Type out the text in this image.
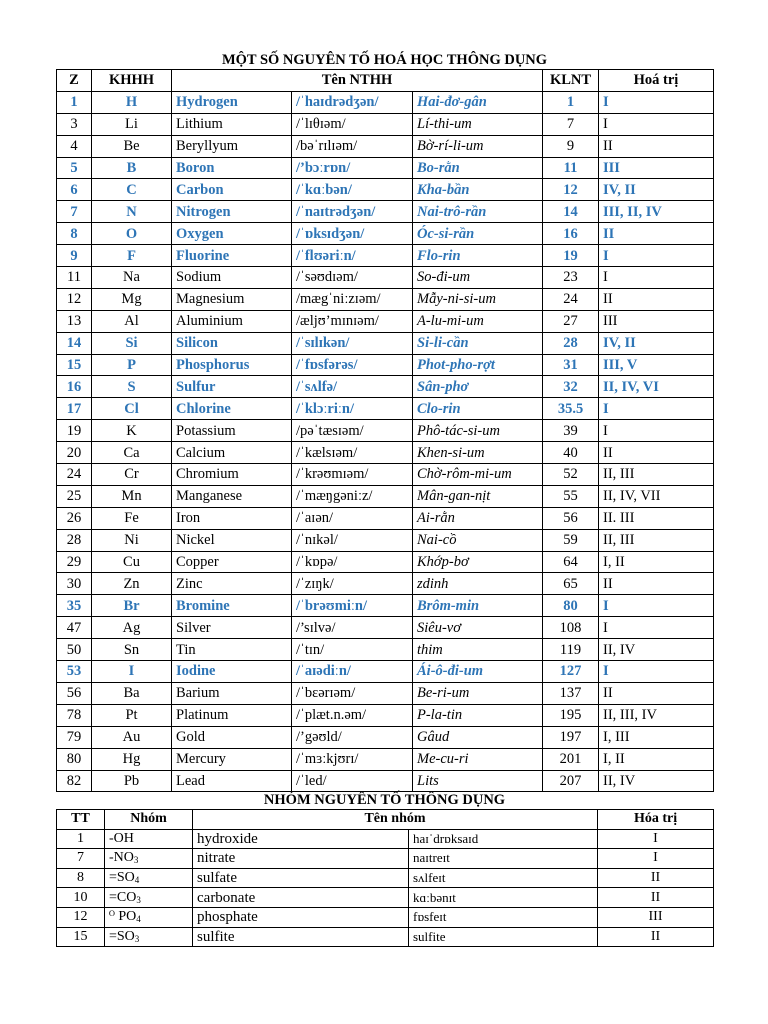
MỘT SỐ NGUYÊN TỐ HOÁ HỌC THÔNG DỤNG
Z	KHHH	Tên NTHH			KLNT	Hoá trị
1	H	Hydrogen	/ˈhaɪdrədʒən/	Hai-đơ-gân	1	I
3	Li	Lithium	/ˈlɪθɪəm/	Lí-thi-um	7	I
4	Be	Beryllyum	/bəˈrɪlɪəm/	Bờ-rí-li-um	9	II
5	B	Boron	/’bɔːrɒn/	Bo-rằn	11	III
6	C	Carbon	/ˈkɑːbən/	Kha-bần	12	IV, II
7	N	Nitrogen	/ˈnaɪtrədʒən/	Nai-trô-rần	14	III, II, IV
8	O	Oxygen	/ˈɒksɪdʒən/	Óc-si-rần	16	II
9	F	Fluorine	/ˈflʊəriːn/	Flo-rin	19	I
11	Na	Sodium	/ˈsəʊdɪəm/	So-đi-um	23	I
12	Mg	Magnesium	/mægˈniːzɪəm/	Mẫy-ni-si-um	24	II
13	Al	Aluminium	/æljʊ’mɪnɪəm/	A-lu-mi-um	27	III
14	Si	Silicon	/ˈsɪlɪkən/	Si-li-cần	28	IV, II
15	P	Phosphorus	/ˈfɒsfərəs/	Phot-pho-rợt	31	III, V
16	S	Sulfur	/ˈsʌlfə/	Sân-phơ	32	II, IV, VI
17	Cl	Chlorine	/ˈklɔːriːn/	Clo-rin	35.5	I
19	K	Potassium	/pəˈtæsɪəm/	Phô-tác-si-um	39	I
20	Ca	Calcium	/ˈkælsɪəm/	Khen-si-um	40	II
24	Cr	Chromium	/ˈkrəʊmɪəm/	Chờ-rôm-mi-um	52	II, III
25	Mn	Manganese	/ˈmæŋgəniːz/	Mân-gan-nịt	55	II, IV, VII
26	Fe	Iron	/ˈaɪən/	Ai-rằn	56	II. III
28	Ni	Nickel	/ˈnɪkəl/	Nai-cồ	59	II, III
29	Cu	Copper	/ˈkɒpə/	Khớp-bơ	64	I, II
30	Zn	Zinc	/ˈzɪŋk/	zdinh	65	II
35	Br	Bromine	/ˈbrəʊmiːn/	Brôm-min	80	I
47	Ag	Silver	/’sɪlvə/	Siêu-vơ	108	I
50	Sn	Tin	/ˈtɪn/	thim	119	II, IV
53	I	Iodine	/ˈaɪədiːn/	Ái-ô-đi-um	127	I
56	Ba	Barium	/ˈbɛərɪəm/	Be-ri-um	137	II
78	Pt	Platinum	/ˈplæt.n.əm/	P-la-tin	195	II, III, IV
79	Au	Gold	/’gəʊld/	Gâud	197	I, III
80	Hg	Mercury	/ˈmɜːkjʊrɪ/	Me-cu-ri	201	I, II
82	Pb	Lead	/ˈled/	Lits	207	II, IV
NHÓM NGUYÊN TỐ THÔNG DỤNG
TT	Nhóm	Tên nhóm		Hóa trị
1	-OH	hydroxide	haɪˈdrɒksaɪd	I
7	$-NO_3$	nitrate	naɪtreɪt	I
8	$=SO_4$	sulfate	sʌlfeɪt	II
10	$=CO_3$	carbonate	kɑːbənɪt	II
12	ᴼ $PO_4$	phosphate	fɒsfeɪt	III
15	$=SO_3$	sulfite	sulfite	II
